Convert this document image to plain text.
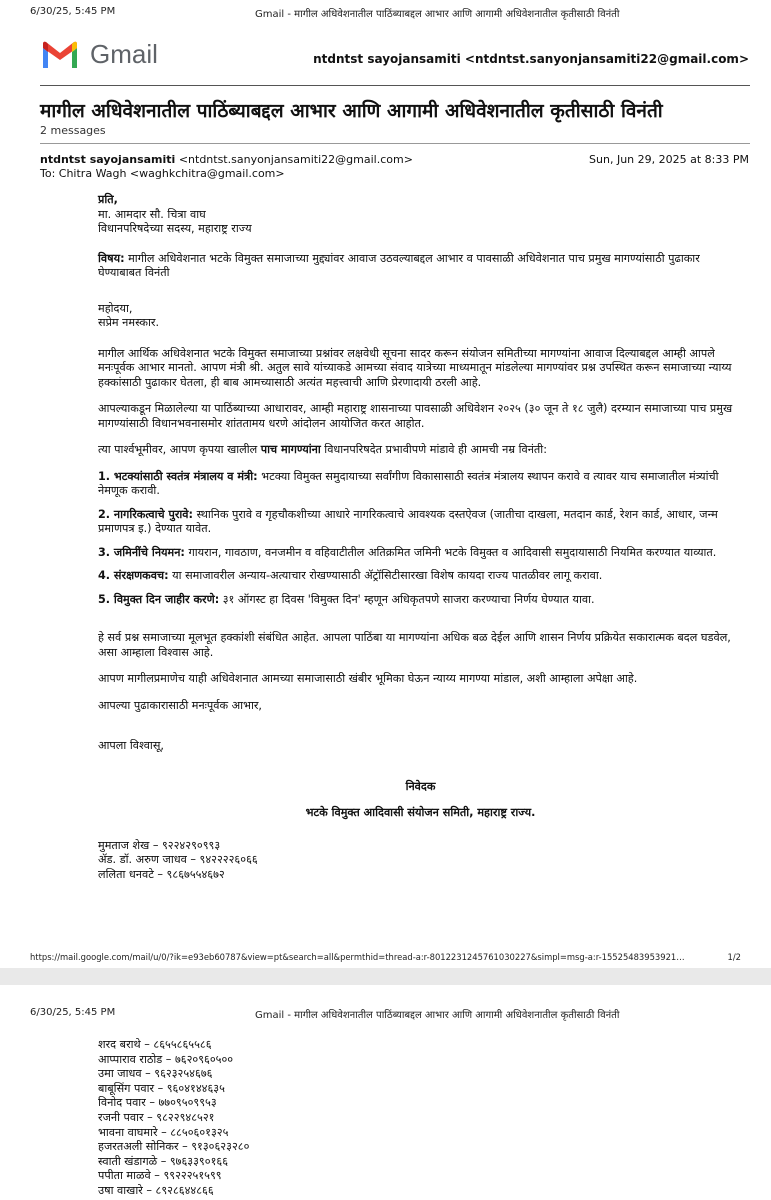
6/30/25, 5:45 PM	Gmail - मागील अधिवेशनातील पाठिंब्याबद्दल आभार आणि आगामी अधिवेशनातील कृतीसाठी विनंती
Gmail	ntdntst sayojansamiti <ntdntst.sanyonjansamiti22@gmail.com>
मागील अधिवेशनातील पाठिंब्याबद्दल आभार आणि आगामी अधिवेशनातील कृतीसाठी विनंती
2 messages
ntdntst sayojansamiti <ntdntst.sanyonjansamiti22@gmail.com>	Sun, Jun 29, 2025 at 8:33 PM
To: Chitra Wagh <waghkchitra@gmail.com>

प्रति,

मा. आमदार सौ. चित्रा वाघ

विधानपरिषदेच्या सदस्य, महाराष्ट्र राज्य

विषय: मागील अधिवेशनात भटके विमुक्त समाजाच्या मुद्द्यांवर आवाज उठवल्याबद्दल आभार व पावसाळी अधिवेशनात पाच प्रमुख मागण्यांसाठी पुढाकार घेण्याबाबत विनंती

महोदया,

सप्रेम नमस्कार.

मागील आर्थिक अधिवेशनात भटके विमुक्त समाजाच्या प्रश्नांवर लक्षवेधी सूचना सादर करून संयोजन समितीच्या मागण्यांना आवाज दिल्याबद्दल आम्ही आपले मनःपूर्वक आभार मानतो. आपण मंत्री श्री. अतुल सावे यांच्याकडे आमच्या संवाद यात्रेच्या माध्यमातून मांडलेल्या मागण्यांवर प्रश्न उपस्थित करून समाजाच्या न्याय्य हक्कांसाठी पुढाकार घेतला, ही बाब आमच्यासाठी अत्यंत महत्त्वाची आणि प्रेरणादायी ठरली आहे.

आपल्याकडून मिळालेल्या या पाठिंब्याच्या आधारावर, आम्ही महाराष्ट्र शासनाच्या पावसाळी अधिवेशन २०२५ (३० जून ते १८ जुलै) दरम्यान समाजाच्या पाच प्रमुख मागण्यांसाठी विधानभवनासमोर शांततामय धरणे आंदोलन आयोजित करत आहोत.

त्या पार्श्वभूमीवर, आपण कृपया खालील पाच मागण्यांना विधानपरिषदेत प्रभावीपणे मांडावे ही आमची नम्र विनंती:

1. भटक्यांसाठी स्वतंत्र मंत्रालय व मंत्री: भटक्या विमुक्त समुदायाच्या सर्वांगीण विकासासाठी स्वतंत्र मंत्रालय स्थापन करावे व त्यावर याच समाजातील मंत्र्यांची नेमणूक करावी.

2. नागरिकत्वाचे पुरावे: स्थानिक पुरावे व गृहचौकशीच्या आधारे नागरिकत्वाचे आवश्यक दस्तऐवज (जातीचा दाखला, मतदान कार्ड, रेशन कार्ड, आधार, जन्म प्रमाणपत्र इ.) देण्यात यावेत.

3. जमिनींचे नियमन: गायरान, गावठाण, वनजमीन व वहिवाटीतील अतिक्रमित जमिनी भटके विमुक्त व आदिवासी समुदायासाठी नियमित करण्यात याव्यात.

4. संरक्षणकवच: या समाजावरील अन्याय-अत्याचार रोखण्यासाठी ॲट्रॉसिटीसारखा विशेष कायदा राज्य पातळीवर लागू करावा.

5. विमुक्त दिन जाहीर करणे: ३१ ऑगस्ट हा दिवस 'विमुक्त दिन' म्हणून अधिकृतपणे साजरा करण्याचा निर्णय घेण्यात यावा.

हे सर्व प्रश्न समाजाच्या मूलभूत हक्कांशी संबंधित आहेत. आपला पाठिंबा या मागण्यांना अधिक बळ देईल आणि शासन निर्णय प्रक्रियेत सकारात्मक बदल घडवेल, असा आम्हाला विश्वास आहे.

आपण मागीलप्रमाणेच याही अधिवेशनात आमच्या समाजासाठी खंबीर भूमिका घेऊन न्याय्य मागण्या मांडाल, अशी आम्हाला अपेक्षा आहे.

आपल्या पुढाकारासाठी मनःपूर्वक आभार,

आपला विश्वासू,

निवेदक

भटके विमुक्त आदिवासी संयोजन समिती, महाराष्ट्र राज्य.

मुमताज शेख – ९२२४२९०९९३

ॲड. डॉ. अरुण जाधव – ९४२२२२६०६६

ललिता धनवटे – ९८६७५५४६७२

https://mail.google.com/mail/u/0/?ik=e93eb60787&view=pt&search=all&permthid=thread-a:r-8012231245761030227&simpl=msg-a:r-15525483953921…	1/2
6/30/25, 5:45 PM	Gmail - मागील अधिवेशनातील पाठिंब्याबद्दल आभार आणि आगामी अधिवेशनातील कृतीसाठी विनंती
शरद बराथे – ८६५५८६५५८६
आप्पाराव राठोड – ७६२०९६०५००
उमा जाधव – ९६२३२५४६७६
बाबूसिंग पवार – ९६०४१४४६३५
विनोद पवार – ७७०९५०९९५३
रजनी पवार – ९८२२९४८५२१
भावना वाघमारे – ८८५०६०१३२५
हजरतअली सोनिकर – ९१३०६२३२८०
स्वाती खंडागळे – ९७६३३९०१६६
पपीता माळवे – ९९२२२५१५९९
उषा वाखारे – ८९२८६४४८६६
